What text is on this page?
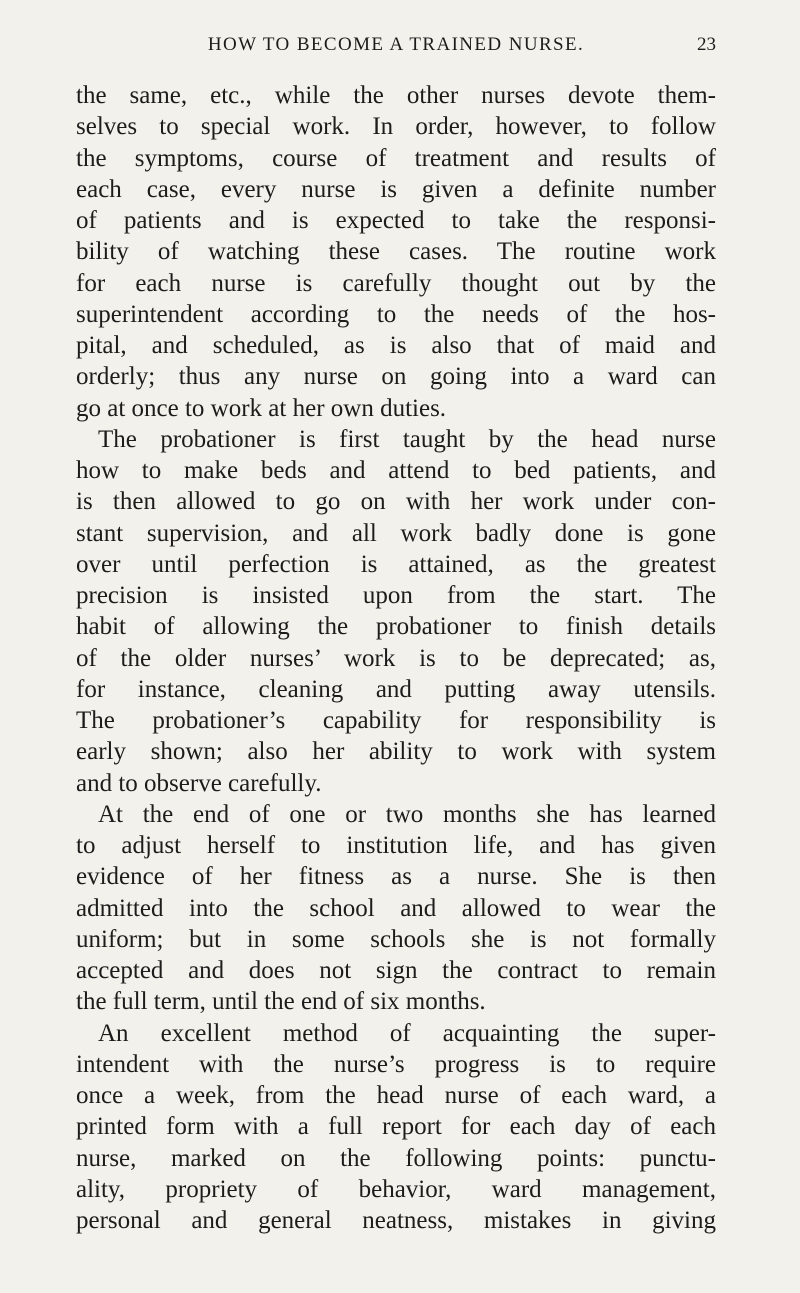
HOW TO BECOME A TRAINED NURSE.	23
the same, etc., while the other nurses devote them-
selves to special work. In order, however, to follow
the symptoms, course of treatment and results of
each case, every nurse is given a definite number
of patients and is expected to take the responsi-
bility of watching these cases. The routine work
for each nurse is carefully thought out by the
superintendent according to the needs of the hos-
pital, and scheduled, as is also that of maid and
orderly; thus any nurse on going into a ward can
go at once to work at her own duties.
The probationer is first taught by the head nurse
how to make beds and attend to bed patients, and
is then allowed to go on with her work under con-
stant supervision, and all work badly done is gone
over until perfection is attained, as the greatest
precision is insisted upon from the start. The
habit of allowing the probationer to finish details
of the older nurses’ work is to be deprecated; as,
for instance, cleaning and putting away utensils.
The probationer’s capability for responsibility is
early shown; also her ability to work with system
and to observe carefully.
At the end of one or two months she has learned
to adjust herself to institution life, and has given
evidence of her fitness as a nurse. She is then
admitted into the school and allowed to wear the
uniform; but in some schools she is not formally
accepted and does not sign the contract to remain
the full term, until the end of six months.
An excellent method of acquainting the super-
intendent with the nurse’s progress is to require
once a week, from the head nurse of each ward, a
printed form with a full report for each day of each
nurse, marked on the following points: punctu-
ality, propriety of behavior, ward management,
personal and general neatness, mistakes in giving
